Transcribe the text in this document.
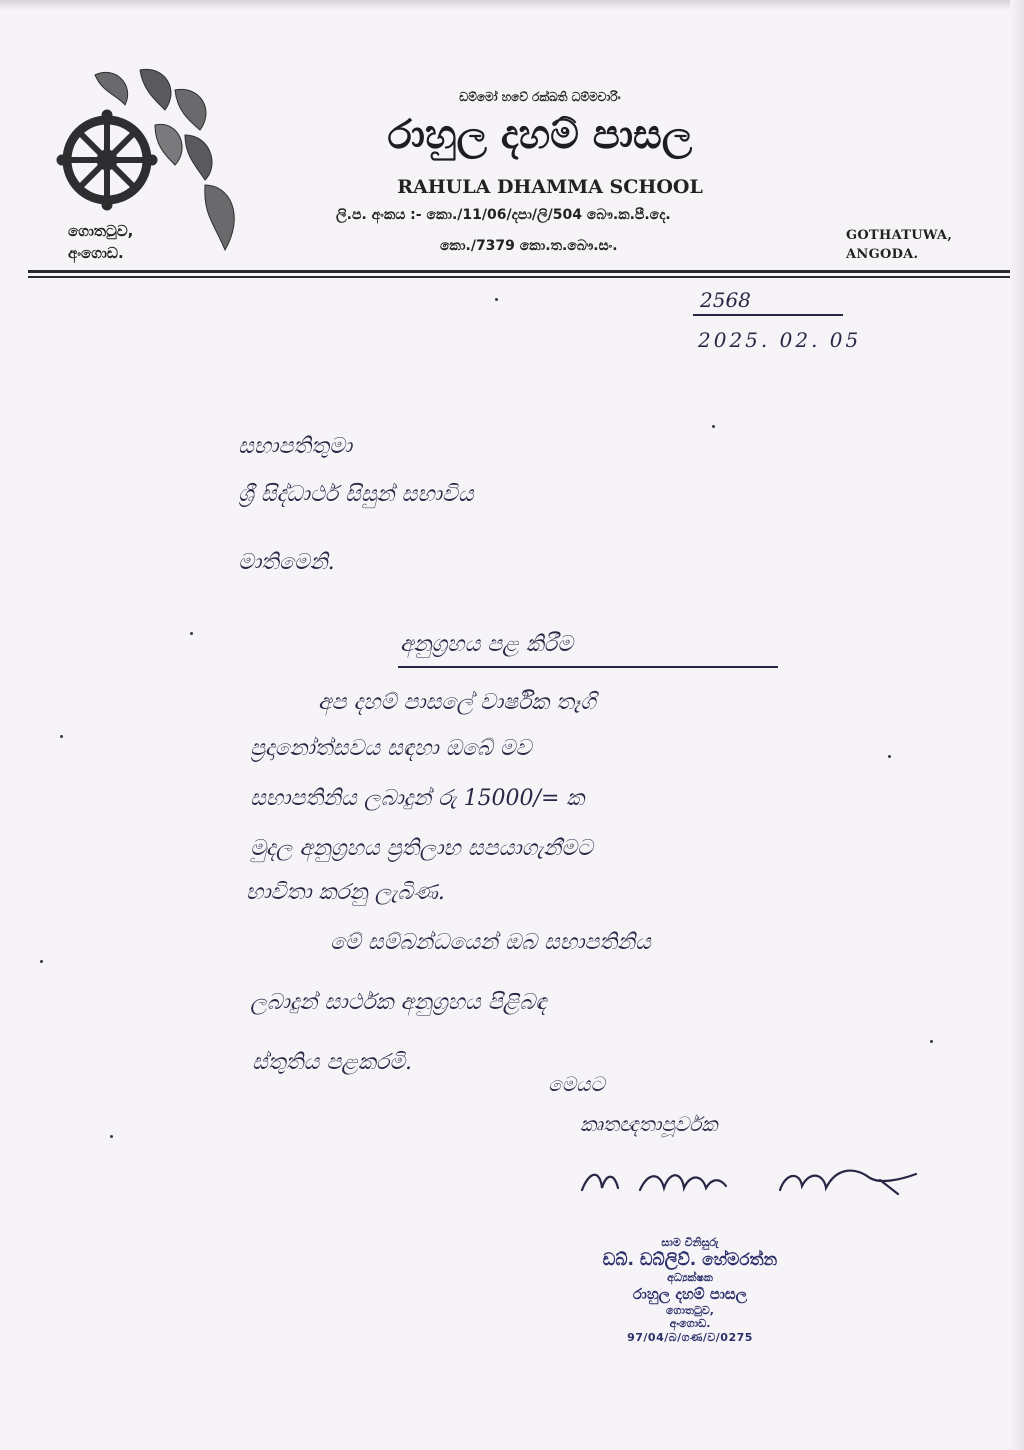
ගොතටුව,
අංගොඩ.
ඩම්මෝ හවේ රක්ඛති ධම්මචාරිං
රාහුල දහම් පාසල
RAHULA DHAMMA SCHOOL
ලි.ප. අංකය :- කො./11/06/දපා/ලි/504 බෞ.ක.පී.දෙ.
කො./7379 කො.ත.බෞ.සං.
GOTHATUWA,
ANGODA.
2568
2025. 02. 05
සභාපතිතුමා
ශ්‍රී සිද්ධාර්ථ සිසුන් සභාවිය
මාතිමෙනි.
අනුග්‍රහය පළ කිරීම
අප දහම් පාසලේ වාර්ෂික තෑගි
ප්‍රදානෝත්සවය සඳහා ඔබේ මව
සභාපතිනිය ලබාදුන් රු 15000/= ක
මුදල අනුග්‍රහය ප්‍රතිලාභ සපයාගැනීමට
භාවිතා කරනු ලැබිණ.
මේ සම්බන්ධයෙන් ඔබ සභාපතිනිය
ලබාදුන් සාර්ථක අනුග්‍රහය පිළිබඳ
ස්තුතිය පළකරමි.
මෙයට
කෘතඥතාපූර්වක
සාම විනිසුරු
ඩබ්. ඩබ්ලිව්. හේමරත්න
අධ්‍යක්ෂක
රාහුල දහම් පාසල
ගොතටුව,
අංගොඩ.
97/04/බ/ගණ/ව/0275
